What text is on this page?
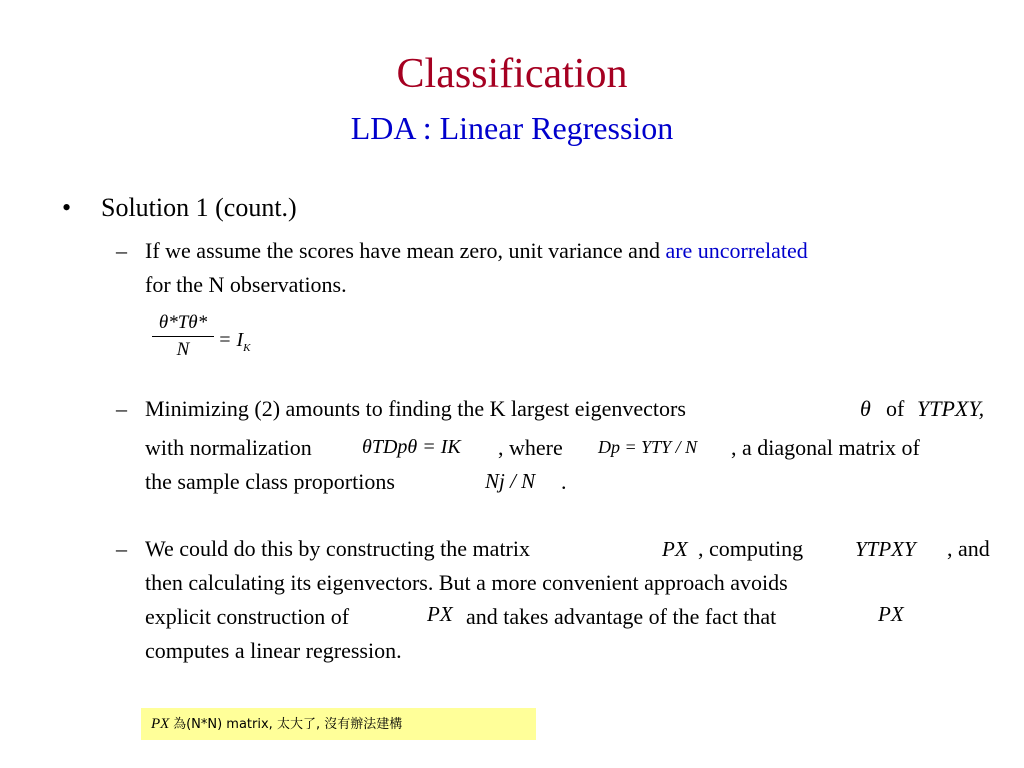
Classification
LDA : Linear Regression
• Solution 1 (count.)
– If we assume the scores have mean zero, unit variance and are uncorrelated
for the N observations.
θ*Tθ*
N	= $I_K$
– Minimizing (2) amounts to finding the K largest eigenvectors	θ of YTPXY,
with normalization	θTDpθ = IK , where Dp = YTY / N , a diagonal matrix of
the sample class proportions	Nj / N .
– We could do this by constructing the matrix	PX , computing YTPXY , and
then calculating its eigenvectors. But a more convenient approach avoids
explicit construction of	PX and takes advantage of the fact that	PX
computes a linear regression.
PX 為(N*N) matrix, 太大了, 沒有辦法建構
